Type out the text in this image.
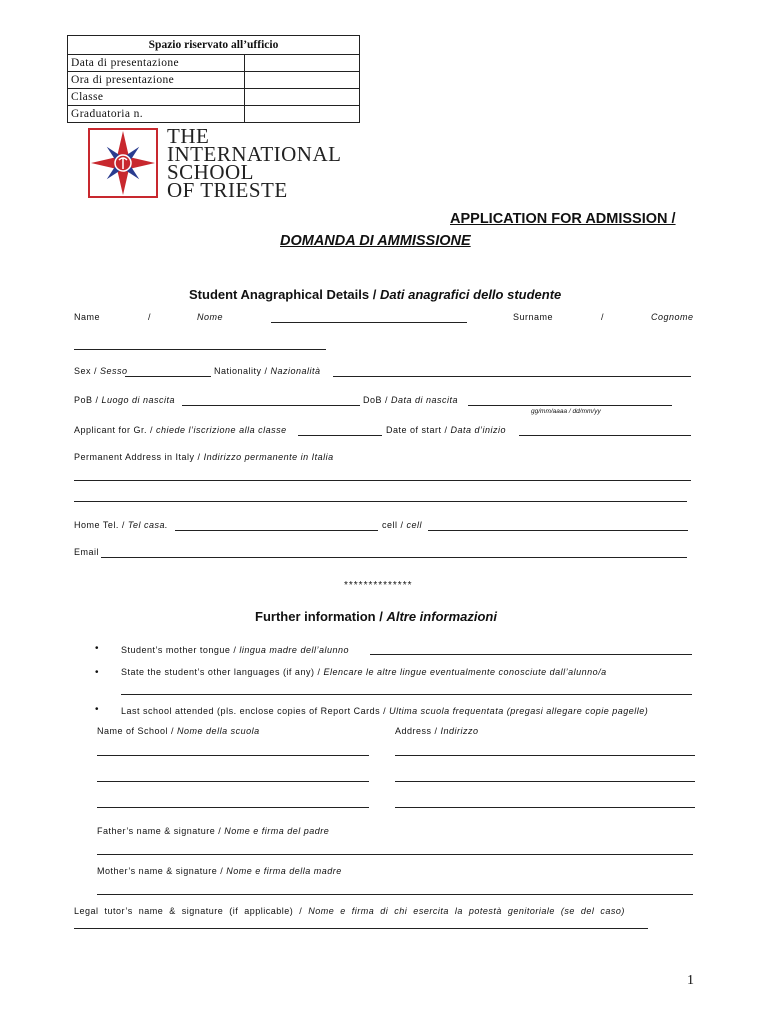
Spazio riservato all’ufficio	
Data di presentazione	
Ora di presentazione	
Classe	
Graduatoria n.	
THE
INTERNATIONAL
SCHOOL
OF TRIESTE
APPLICATION FOR ADMISSION /
DOMANDA DI AMMISSIONE
Student Anagraphical Details / Dati anagrafici dello studente
Name	/	Nome	Surname	/	Cognome
Sex / Sesso	Nationality / Nazionalità
PoB / Luogo di nascita	DoB / Data di nascita
gg/mm/aaaa / dd/mm/yy
Applicant for Gr. / chiede l’iscrizione alla classe	Date of start / Data d’inizio
Permanent Address in Italy / Indirizzo permanente in Italia
Home Tel. / Tel casa.	cell / cell
Email
**************
Further information / Altre informazioni
• Student’s mother tongue / lingua madre dell’alunno
• State the student’s other languages (if any) / Elencare le altre lingue eventualmente conosciute dall’alunno/a
• Last school attended (pls. enclose copies of Report Cards / Ultima scuola frequentata (pregasi allegare copie pagelle)
Name of School / Nome della scuola	Address / Indirizzo
Father’s name & signature / Nome e firma del padre
Mother’s name & signature / Nome e firma della madre
Legal  tutor’s  name  &  signature  (if  applicable)  /  Nome  e  firma  di  chi  esercita  la  potestà  genitoriale  (se  del  caso)
1
